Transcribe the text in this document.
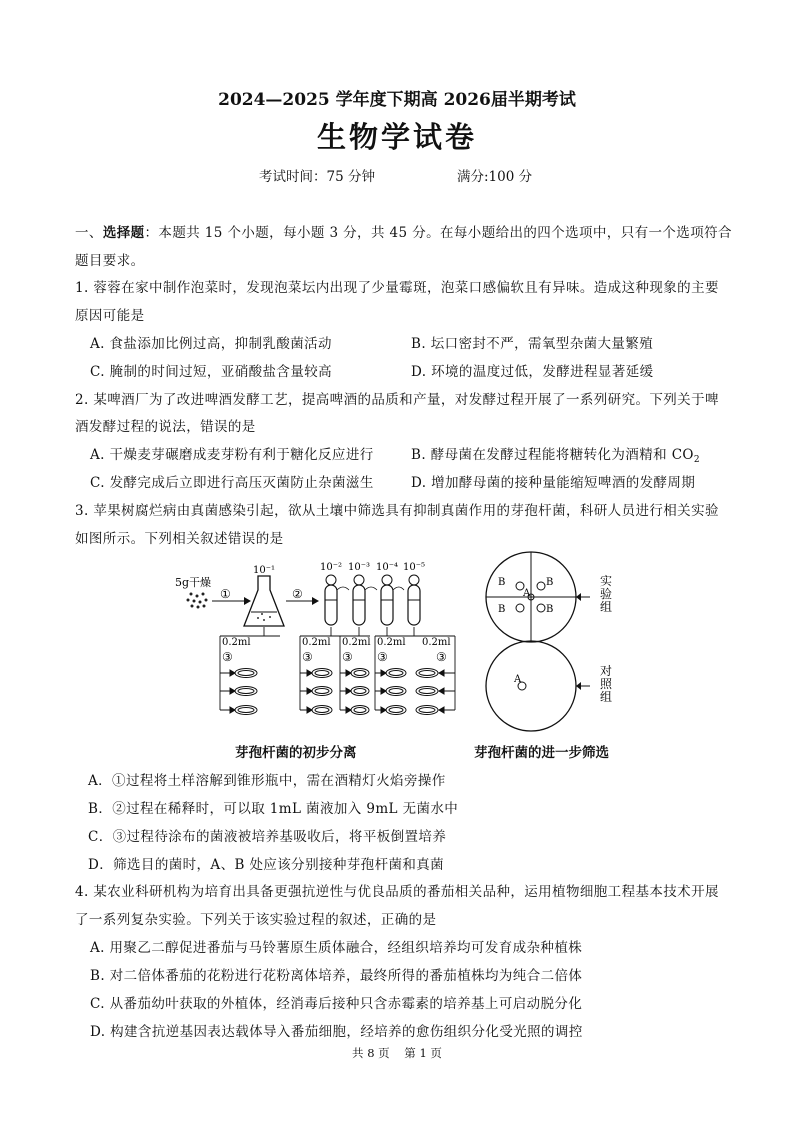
2024—2025 学年度下期高 2026届半期考试
生物学试卷
考试时间：75 分钟	满分:100 分
一、选择题：本题共 15 个小题，每小题 3 分，共 45 分。在每小题给出的四个选项中，只有一个选项符合
题目要求。
1. 蓉蓉在家中制作泡菜时，发现泡菜坛内出现了少量霉斑，泡菜口感偏软且有异味。造成这种现象的主要
原因可能是
A. 食盐添加比例过高，抑制乳酸菌活动	B. 坛口密封不严，需氧型杂菌大量繁殖
C. 腌制的时间过短，亚硝酸盐含量较高	D. 环境的温度过低，发酵进程显著延缓
2. 某啤酒厂为了改进啤酒发酵工艺，提高啤酒的品质和产量，对发酵过程开展了一系列研究。下列关于啤
酒发酵过程的说法，错误的是
A. 干燥麦芽碾磨成麦芽粉有利于糖化反应进行	B. 酵母菌在发酵过程能将糖转化为酒精和 $CO_2$
C. 发酵完成后立即进行高压灭菌防止杂菌滋生	D. 增加酵母菌的接种量能缩短啤酒的发酵周期
3. 苹果树腐烂病由真菌感染引起，欲从土壤中筛选具有抑制真菌作用的芽孢杆菌，科研人员进行相关实验
如图所示。下列相关叙述错误的是
5g干燥
①
10⁻¹
②
10⁻² 10⁻³ 10⁻⁴ 10⁻⁵
0.2ml	0.2ml 0.2ml 0.2ml 0.2ml
③	③ ③ ③	③
B	B
B	B
A
实验组
A
对照组
芽孢杆菌的初步分离	芽孢杆菌的进一步筛选
A．①过程将土样溶解到锥形瓶中，需在酒精灯火焰旁操作
B．②过程在稀释时，可以取 1mL 菌液加入 9mL 无菌水中
C．③过程待涂布的菌液被培养基吸收后，将平板倒置培养
D．筛选目的菌时，A、B 处应该分别接种芽孢杆菌和真菌
4. 某农业科研机构为培育出具备更强抗逆性与优良品质的番茄相关品种，运用植物细胞工程基本技术开展
了一系列复杂实验。下列关于该实验过程的叙述，正确的是
A. 用聚乙二醇促进番茄与马铃薯原生质体融合，经组织培养均可发育成杂种植株
B. 对二倍体番茄的花粉进行花粉离体培养，最终所得的番茄植株均为纯合二倍体
C. 从番茄幼叶获取的外植体，经消毒后接种只含赤霉素的培养基上可启动脱分化
D. 构建含抗逆基因表达载体导入番茄细胞，经培养的愈伤组织分化受光照的调控
共 8 页    第 1 页
